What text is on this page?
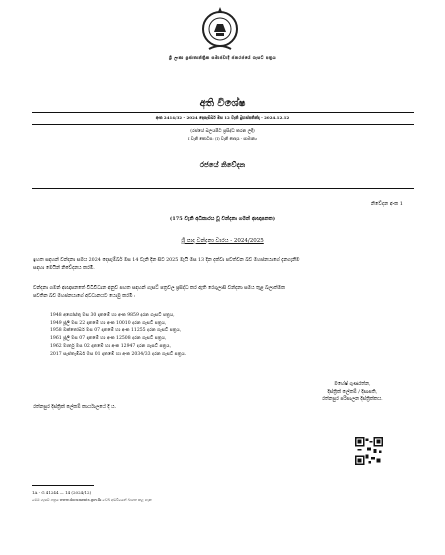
ශ්‍රී ලංකා ප්‍රජාතාන්ත්‍රික සමාජවාදී ජනරජයේ ගැසට් පත්‍රය
අති විශේෂ
අංක 2414/32 - 2024 දෙසැම්බර් මස 12 වැනි බ්‍රහස්පතින්දා - 2024.12.12
(රජයේ බලයපිට ප්‍රසිද්ධ කරන ලදී)
I වැනි කොටස: (I) වැනි ඡෙදය - සාමාන්‍ය
රජයේ නිවේදන
නිවේදන අංක 1
(175 වැනි අධිකාරය වූ වන්දනා ගමන් ආඥාපනත)
ශ්‍රී පාද වන්දනා වාරය - 2024/2025
ඉහත සඳහන් වන්දනා සමය 2024 දෙසැම්බර් මස 14 වැනි දින සිට 2025 මැයි මස 13 දින දක්වා පවත්වන බව මහජනයාගේ දැනගැනීම
සඳහා මෙයින් නිවේදනය කරමි.
වන්දනා ගමන් ආඥාපනතේ විධිවිධාන අනුව පහත සඳහන් ගැසට් පත්‍රවල ප්‍රසිද්ධ කර ඇති රෙගුලාසි වන්දනා සමය තුළ බලාත්මක
පවතින බව මහජනයාගේ අවධානයට යොමු කරමි :
1948 අගෝස්තු මස 30 දාතමේ හා අංක 9859 දරන ගැසට් පත්‍රය,
1949 ජූලි මස 22 දාතමේ හා අංක 10010 දරන ගැසට් පත්‍රය,
1958 ඔක්තෝබර් මස 07 දාතමේ හා අංක 11255 දරන ගැසට් පත්‍රය,
1961 ජූලි මස 07 දාතමේ හා අංක 12508 දරන ගැසට් පත්‍රය,
1962 මාර්තු මස 02 දාතමේ හා අංක 12947 දරන ගැසට් පත්‍රය,
2017 සැප්තැම්බර් මස 01 දාතමේ හා අංක 2034/33 දරන ගැසට් පත්‍රය.
මහේෂ් ගුණරත්න,
දිස්ත්‍රික් ලේකම් / දිසාපති,
රත්නපුර පරිපාලන දිස්ත්‍රික්කය.
රත්නපුර දිස්ත්‍රික් ලේකම් කාර්යාලයේ දී ය.
1A - G 41244 — 14 (2024/12)
මෙම ගැසට් පත්‍රය www.documents.gov.lk වෙබ් අඩවියෙන් බාගත කළ හැක
